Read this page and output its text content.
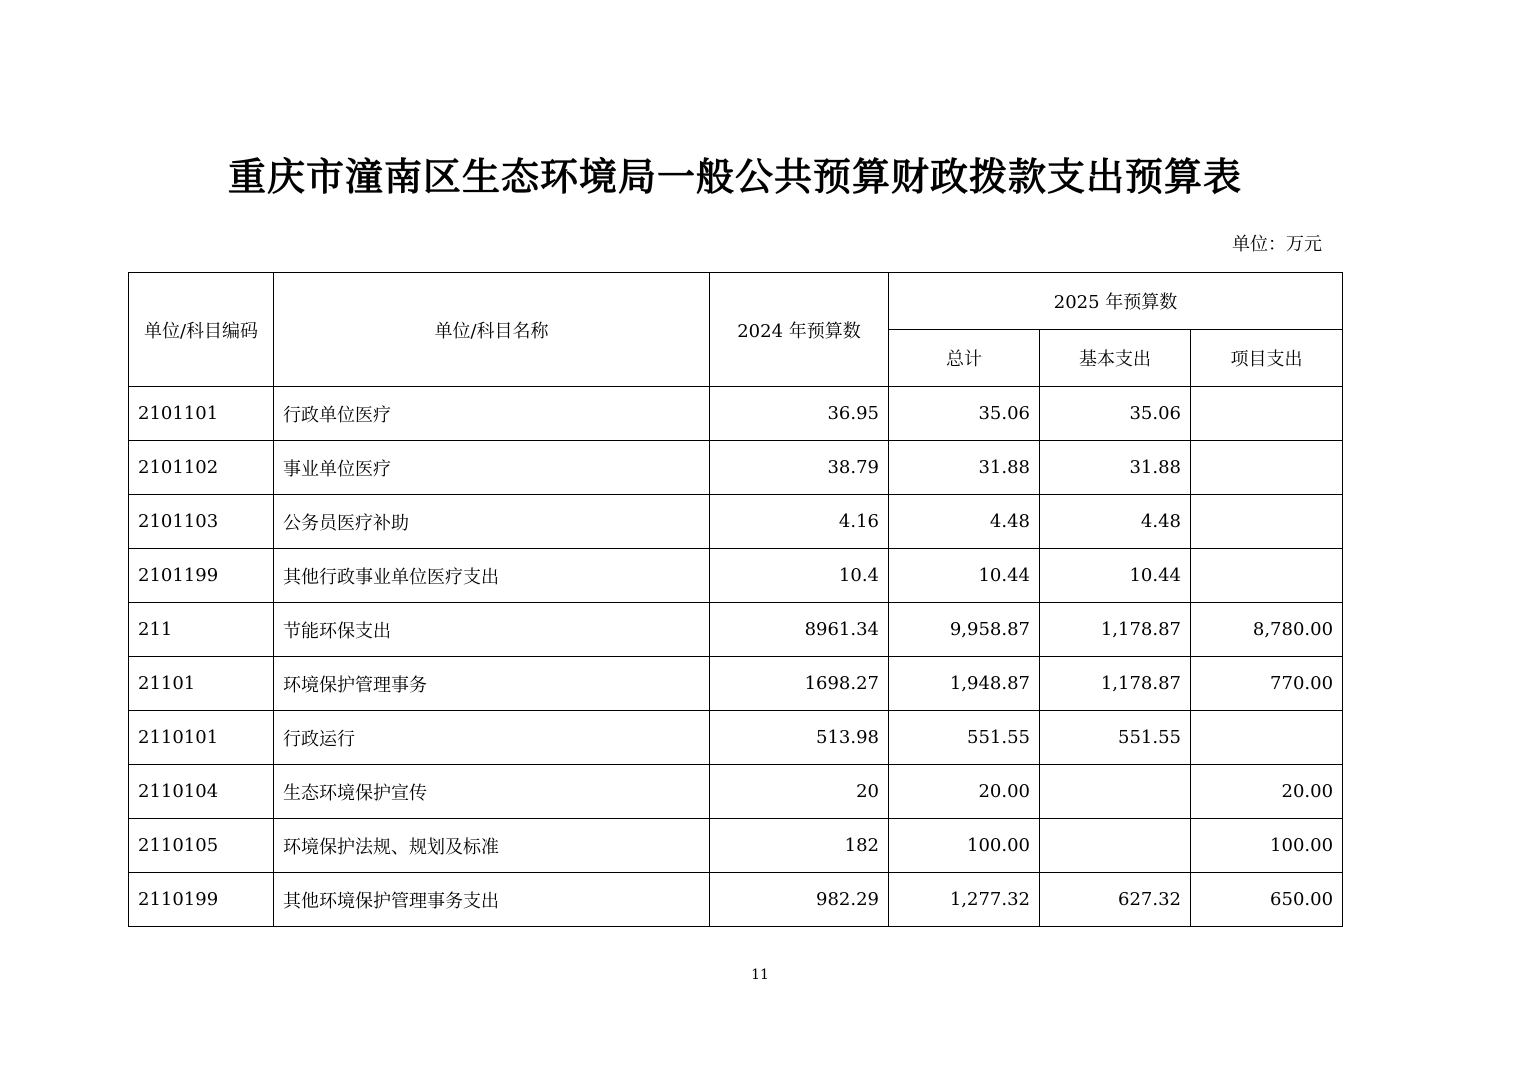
重庆市潼南区生态环境局一般公共预算财政拨款支出预算表
单位：万元
单位/科目编码	单位/科目名称	2024 年预算数	2025 年预算数		
			总计	基本支出	项目支出
2101101	行政单位医疗	36.95	35.06	35.06	
2101102	事业单位医疗	38.79	31.88	31.88	
2101103	公务员医疗补助	4.16	4.48	4.48	
2101199	其他行政事业单位医疗支出	10.4	10.44	10.44	
211	节能环保支出	8961.34	9,958.87	1,178.87	8,780.00
21101	环境保护管理事务	1698.27	1,948.87	1,178.87	770.00
2110101	行政运行	513.98	551.55	551.55	
2110104	生态环境保护宣传	20	20.00		20.00
2110105	环境保护法规、规划及标准	182	100.00		100.00
2110199	其他环境保护管理事务支出	982.29	1,277.32	627.32	650.00
11
